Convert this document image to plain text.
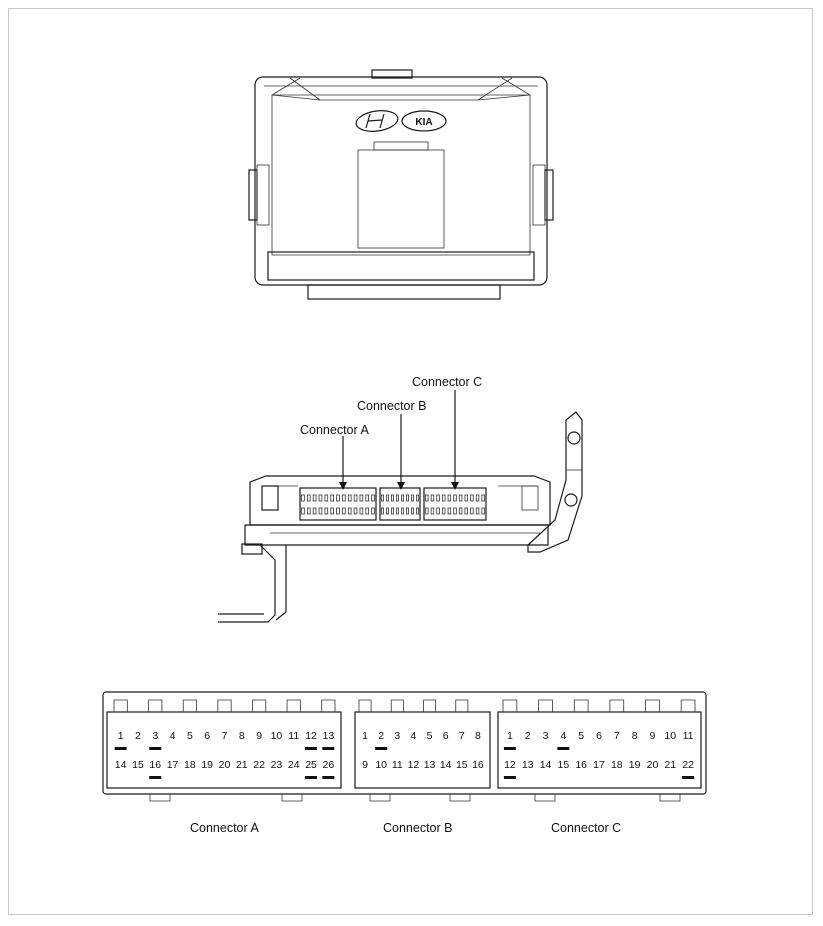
KIA
Connector A
Connector B
Connector C
1 2 3 4 5 6 7 8 9 10 11 12 13
14 15 16 17 18 19 20 21 22 23 24 25 26
1 2 3 4 5 6 7 8
9 10 11 12 13 14 15 16
1 2 3 4 5 6 7 8 9 10 11
12 13 14 15 16 17 18 19 20 21 22
Connector A	Connector B	Connector C
